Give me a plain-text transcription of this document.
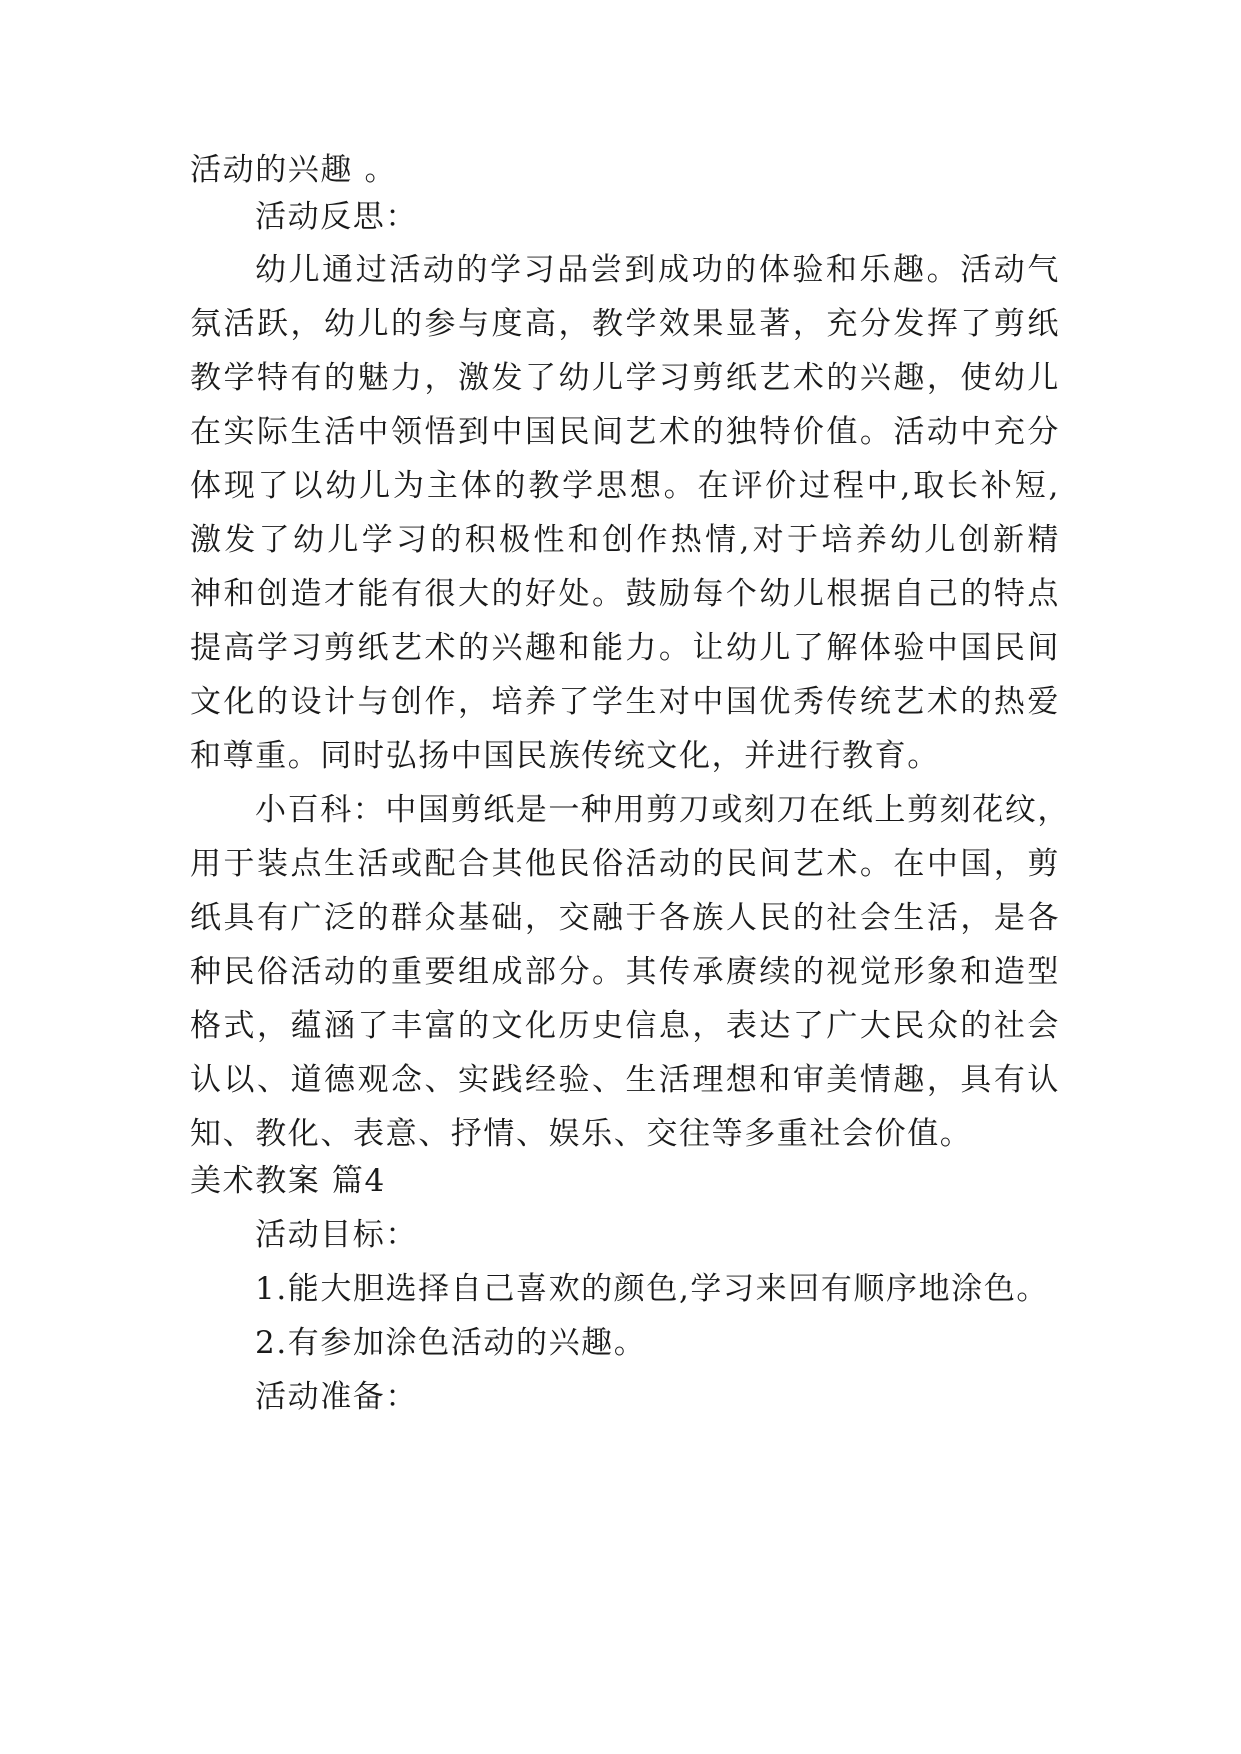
活动的兴趣 。
活动反思：
幼儿通过活动的学习品尝到成功的体验和乐趣。活动气
氛活跃，幼儿的参与度高，教学效果显著，充分发挥了剪纸
教学特有的魅力，激发了幼儿学习剪纸艺术的兴趣，使幼儿
在实际生活中领悟到中国民间艺术的独特价值。活动中充分
体现了以幼儿为主体的教学思想。在评价过程中,取长补短,
激发了幼儿学习的积极性和创作热情,对于培养幼儿创新精
神和创造才能有很大的好处。鼓励每个幼儿根据自己的特点
提高学习剪纸艺术的兴趣和能力。让幼儿了解体验中国民间
文化的设计与创作，培养了学生对中国优秀传统艺术的热爱
和尊重。同时弘扬中国民族传统文化，并进行教育。
小百科：中国剪纸是一种用剪刀或刻刀在纸上剪刻花纹，
用于装点生活或配合其他民俗活动的民间艺术。在中国，剪
纸具有广泛的群众基础，交融于各族人民的社会生活，是各
种民俗活动的重要组成部分。其传承赓续的视觉形象和造型
格式，蕴涵了丰富的文化历史信息，表达了广大民众的社会
认以、道德观念、实践经验、生活理想和审美情趣，具有认
知、教化、表意、抒情、娱乐、交往等多重社会价值。
美术教案 篇4
活动目标：
1.能大胆选择自己喜欢的颜色,学习来回有顺序地涂色。
2.有参加涂色活动的兴趣。
活动准备：
